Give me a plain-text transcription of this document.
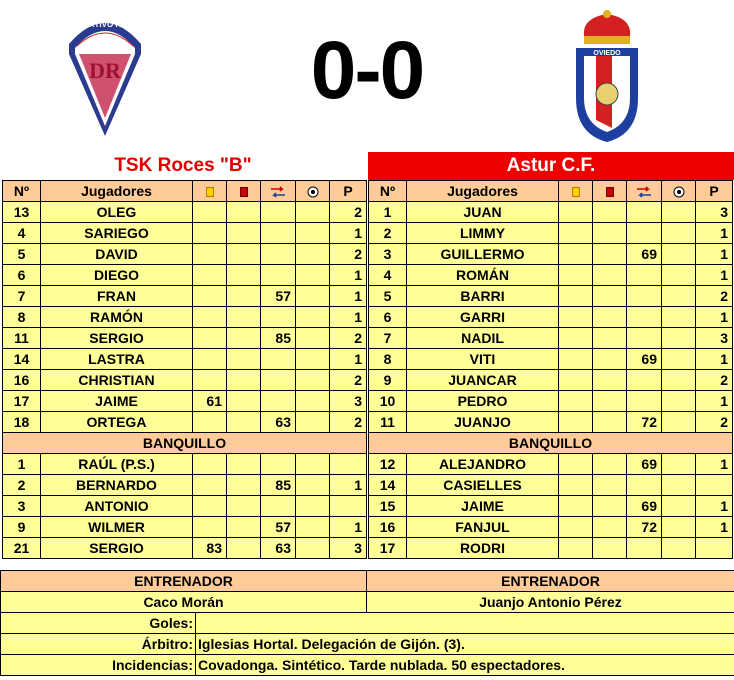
DR
DEPORTIVO ROCES
0-0	OVIEDO
TSK Roces "B"	Astur C.F.
Nº	Jugadores					P
13	OLEG					2
4	SARIEGO					1
5	DAVID					2
6	DIEGO					1
7	FRAN			57		1
8	RAMÓN					1
11	SERGIO			85		2
14	LASTRA					1
16	CHRISTIAN					2
17	JAIME	61				3
18	ORTEGA			63		2
BANQUILLO						
1	RAÚL (P.S.)					
2	BERNARDO			85		1
3	ANTONIO					
9	WILMER			57		1
21	SERGIO	83		63		3
Nº	Jugadores					P
1	JUAN					3
2	LIMMY					1
3	GUILLERMO			69		1
4	ROMÁN					1
5	BARRI					2
6	GARRI					1
7	NADIL					3
8	VITI			69		1
9	JUANCAR					2
10	PEDRO					1
11	JUANJO			72		2
BANQUILLO						
12	ALEJANDRO			69		1
14	CASIELLES					
15	JAIME			69		1
16	FANJUL			72		1
17	RODRI					
ENTRENADOR		ENTRENADOR
Caco Morán		Juanjo Antonio Pérez
Goles:		
Árbitro:	Iglesias Hortal. Delegación de Gijón. (3).	
Incidencias:	Covadonga. Sintético. Tarde nublada. 50 espectadores.	
